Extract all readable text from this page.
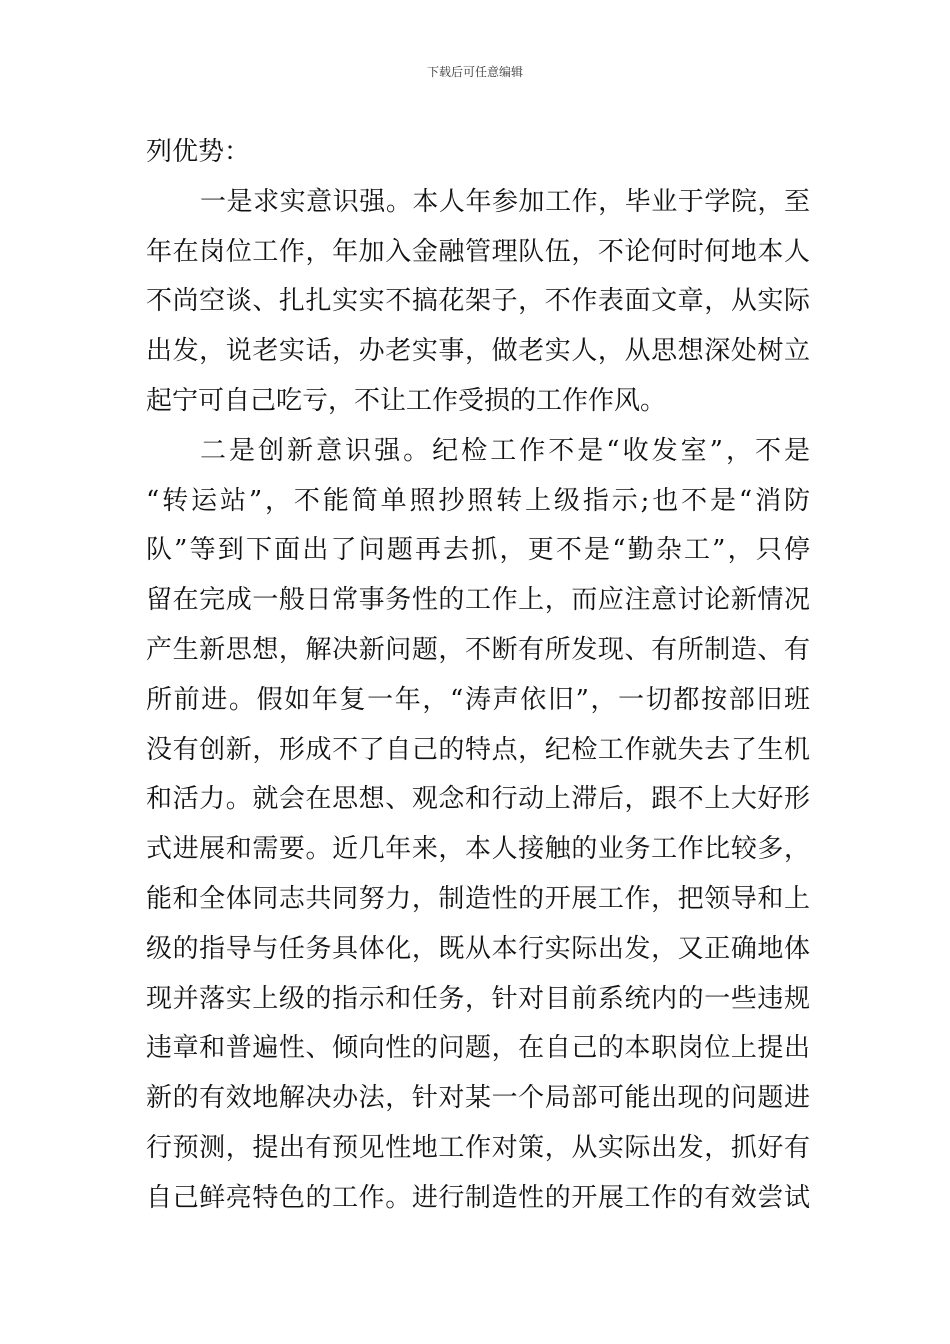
下载后可任意编辑
列优势：
一是求实意识强。本人年参加工作，毕业于学院，至
年在岗位工作，年加入金融管理队伍，不论何时何地本人
不尚空谈、扎扎实实不搞花架子，不作表面文章，从实际
出发，说老实话，办老实事，做老实人，从思想深处树立
起宁可自己吃亏，不让工作受损的工作作风。
二是创新意识强。纪检工作不是“收发室”，不是
“转运站”，不能简单照抄照转上级指示;也不是“消防
队”等到下面出了问题再去抓，更不是“勤杂工”，只停
留在完成一般日常事务性的工作上，而应注意讨论新情况
产生新思想，解决新问题，不断有所发现、有所制造、有
所前进。假如年复一年，“涛声依旧”，一切都按部旧班
没有创新，形成不了自己的特点，纪检工作就失去了生机
和活力。就会在思想、观念和行动上滞后，跟不上大好形
式进展和需要。近几年来，本人接触的业务工作比较多，
能和全体同志共同努力，制造性的开展工作，把领导和上
级的指导与任务具体化，既从本行实际出发，又正确地体
现并落实上级的指示和任务，针对目前系统内的一些违规
违章和普遍性、倾向性的问题，在自己的本职岗位上提出
新的有效地解决办法，针对某一个局部可能出现的问题进
行预测，提出有预见性地工作对策，从实际出发，抓好有
自己鲜亮特色的工作。进行制造性的开展工作的有效尝试
